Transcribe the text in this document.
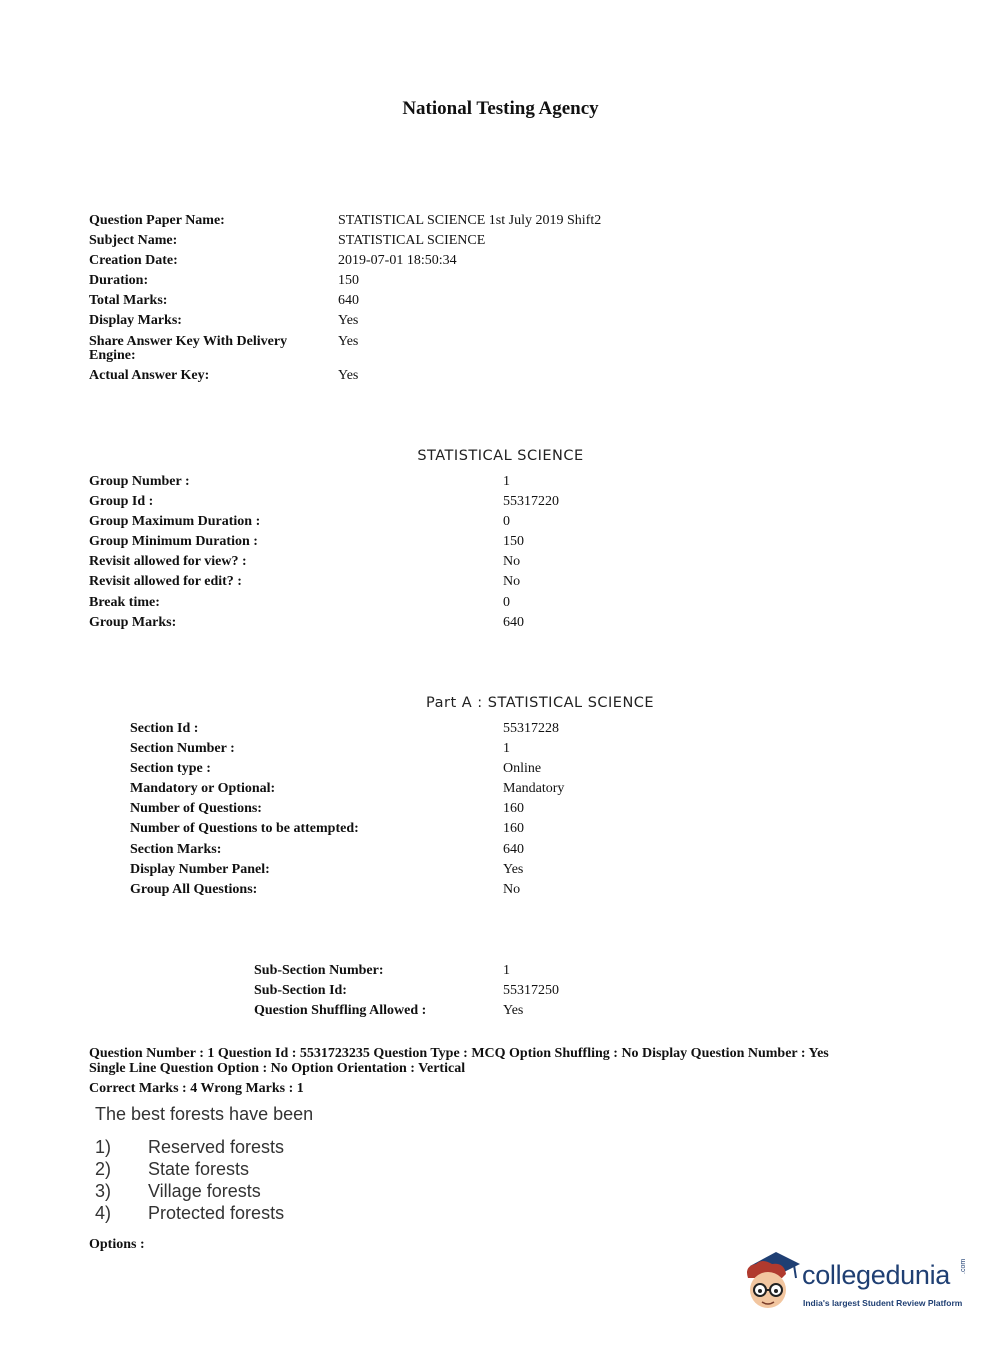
National Testing Agency
Question Paper Name:	STATISTICAL SCIENCE 1st July 2019 Shift2
Subject Name:	STATISTICAL SCIENCE
Creation Date:	2019-07-01 18:50:34
Duration:	150
Total Marks:	640
Display Marks:	Yes
Share Answer Key With Delivery
Engine:
Yes
Actual Answer Key:	Yes
STATISTICAL SCIENCE
Group Number :	1
Group Id :	55317220
Group Maximum Duration :	0
Group Minimum Duration :	150
Revisit allowed for view? :	No
Revisit allowed for edit? :	No
Break time:	0
Group Marks:	640
Part A : STATISTICAL SCIENCE
Section Id :	55317228
Section Number :	1
Section type :	Online
Mandatory or Optional:	Mandatory
Number of Questions:	160
Number of Questions to be attempted:	160
Section Marks:	640
Display Number Panel:	Yes
Group All Questions:	No
Sub-Section Number:	1
Sub-Section Id:	55317250
Question Shuffling Allowed :	Yes
Question Number : 1 Question Id : 5531723235 Question Type : MCQ Option Shuffling : No Display Question Number : Yes
Single Line Question Option : No Option Orientation : Vertical
Correct Marks : 4 Wrong Marks : 1
The best forests have been
1) Reserved forests
2) State forests
3) Village forests
4) Protected forests
Options :
collegedunia .com
India's largest Student Review Platform
